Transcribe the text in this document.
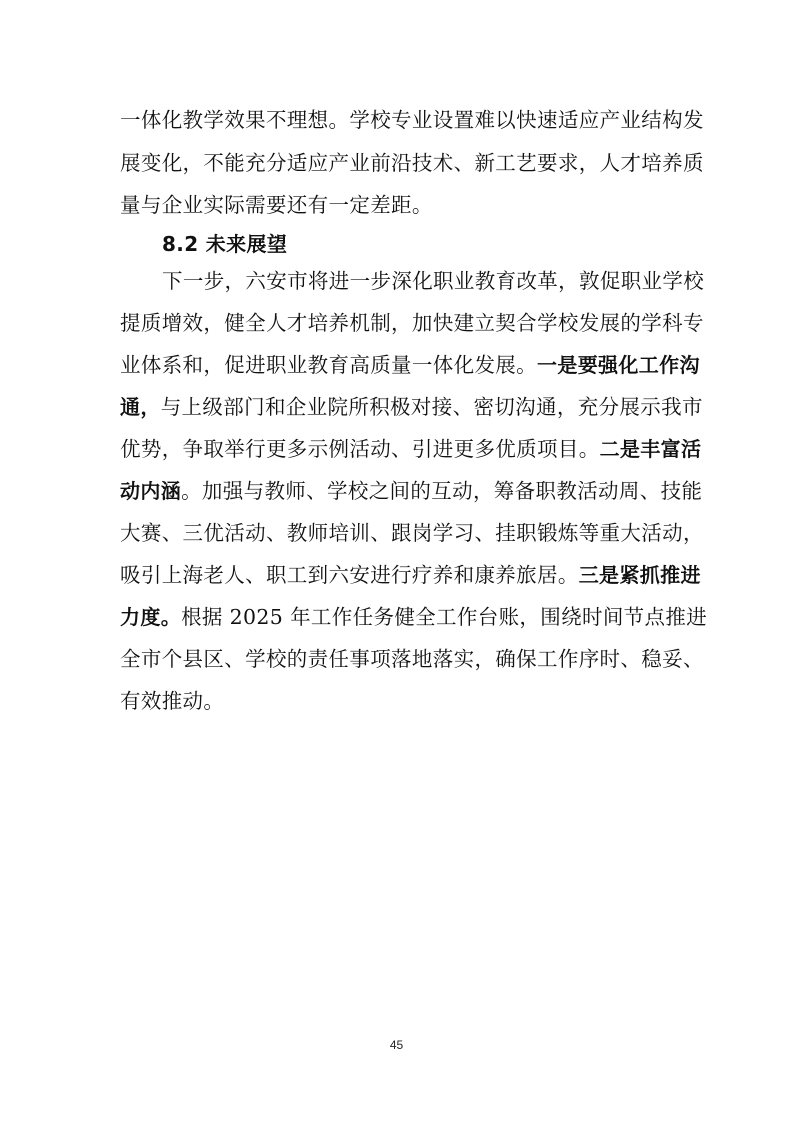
一体化教学效果不理想。学校专业设置难以快速适应产业结构发
展变化，不能充分适应产业前沿技术、新工艺要求，人才培养质
量与企业实际需要还有一定差距。
8.2 未来展望
下一步，六安市将进一步深化职业教育改革，敦促职业学校
提质增效，健全人才培养机制，加快建立契合学校发展的学科专
业体系和，促进职业教育高质量一体化发展。一是要强化工作沟
通，与上级部门和企业院所积极对接、密切沟通，充分展示我市
优势，争取举行更多示例活动、引进更多优质项目。二是丰富活
动内涵。加强与教师、学校之间的互动，筹备职教活动周、技能
大赛、三优活动、教师培训、跟岗学习、挂职锻炼等重大活动，
吸引上海老人、职工到六安进行疗养和康养旅居。三是紧抓推进
力度。根据 2025 年工作任务健全工作台账，围绕时间节点推进
全市个县区、学校的责任事项落地落实，确保工作序时、稳妥、
有效推动。
45
